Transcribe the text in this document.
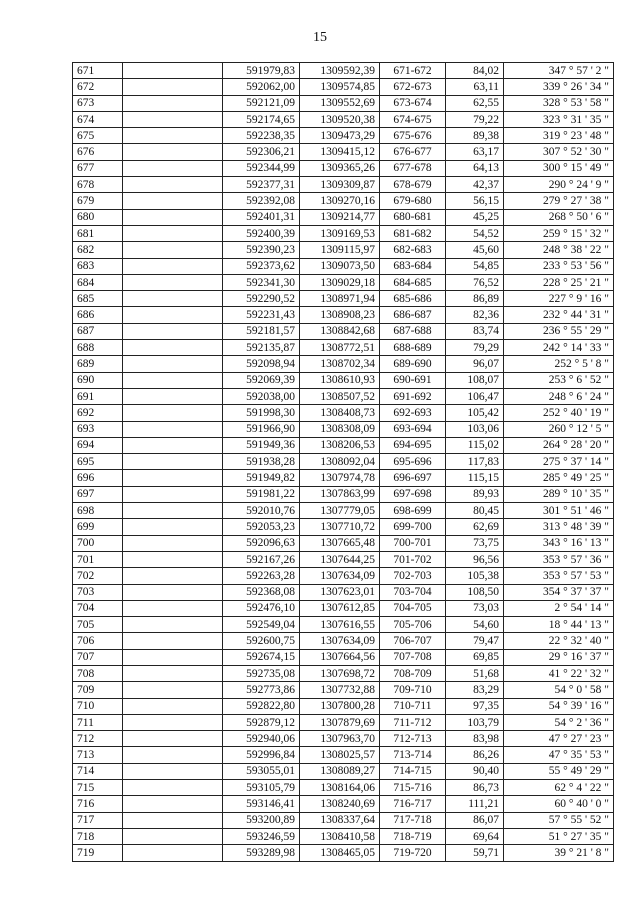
15
671		591979,83	1309592,39	671-672	84,02	347 ° 57 ' 2 "
672		592062,00	1309574,85	672-673	63,11	339 ° 26 ' 34 "
673		592121,09	1309552,69	673-674	62,55	328 ° 53 ' 58 "
674		592174,65	1309520,38	674-675	79,22	323 ° 31 ' 35 "
675		592238,35	1309473,29	675-676	89,38	319 ° 23 ' 48 "
676		592306,21	1309415,12	676-677	63,17	307 ° 52 ' 30 "
677		592344,99	1309365,26	677-678	64,13	300 ° 15 ' 49 "
678		592377,31	1309309,87	678-679	42,37	290 ° 24 ' 9 "
679		592392,08	1309270,16	679-680	56,15	279 ° 27 ' 38 "
680		592401,31	1309214,77	680-681	45,25	268 ° 50 ' 6 "
681		592400,39	1309169,53	681-682	54,52	259 ° 15 ' 32 "
682		592390,23	1309115,97	682-683	45,60	248 ° 38 ' 22 "
683		592373,62	1309073,50	683-684	54,85	233 ° 53 ' 56 "
684		592341,30	1309029,18	684-685	76,52	228 ° 25 ' 21 "
685		592290,52	1308971,94	685-686	86,89	227 ° 9 ' 16 "
686		592231,43	1308908,23	686-687	82,36	232 ° 44 ' 31 "
687		592181,57	1308842,68	687-688	83,74	236 ° 55 ' 29 "
688		592135,87	1308772,51	688-689	79,29	242 ° 14 ' 33 "
689		592098,94	1308702,34	689-690	96,07	252 ° 5 ' 8 "
690		592069,39	1308610,93	690-691	108,07	253 ° 6 ' 52 "
691		592038,00	1308507,52	691-692	106,47	248 ° 6 ' 24 "
692		591998,30	1308408,73	692-693	105,42	252 ° 40 ' 19 "
693		591966,90	1308308,09	693-694	103,06	260 ° 12 ' 5 "
694		591949,36	1308206,53	694-695	115,02	264 ° 28 ' 20 "
695		591938,28	1308092,04	695-696	117,83	275 ° 37 ' 14 "
696		591949,82	1307974,78	696-697	115,15	285 ° 49 ' 25 "
697		591981,22	1307863,99	697-698	89,93	289 ° 10 ' 35 "
698		592010,76	1307779,05	698-699	80,45	301 ° 51 ' 46 "
699		592053,23	1307710,72	699-700	62,69	313 ° 48 ' 39 "
700		592096,63	1307665,48	700-701	73,75	343 ° 16 ' 13 "
701		592167,26	1307644,25	701-702	96,56	353 ° 57 ' 36 "
702		592263,28	1307634,09	702-703	105,38	353 ° 57 ' 53 "
703		592368,08	1307623,01	703-704	108,50	354 ° 37 ' 37 "
704		592476,10	1307612,85	704-705	73,03	2 ° 54 ' 14 "
705		592549,04	1307616,55	705-706	54,60	18 ° 44 ' 13 "
706		592600,75	1307634,09	706-707	79,47	22 ° 32 ' 40 "
707		592674,15	1307664,56	707-708	69,85	29 ° 16 ' 37 "
708		592735,08	1307698,72	708-709	51,68	41 ° 22 ' 32 "
709		592773,86	1307732,88	709-710	83,29	54 ° 0 ' 58 "
710		592822,80	1307800,28	710-711	97,35	54 ° 39 ' 16 "
711		592879,12	1307879,69	711-712	103,79	54 ° 2 ' 36 "
712		592940,06	1307963,70	712-713	83,98	47 ° 27 ' 23 "
713		592996,84	1308025,57	713-714	86,26	47 ° 35 ' 53 "
714		593055,01	1308089,27	714-715	90,40	55 ° 49 ' 29 "
715		593105,79	1308164,06	715-716	86,73	62 ° 4 ' 22 "
716		593146,41	1308240,69	716-717	111,21	60 ° 40 ' 0 "
717		593200,89	1308337,64	717-718	86,07	57 ° 55 ' 52 "
718		593246,59	1308410,58	718-719	69,64	51 ° 27 ' 35 "
719		593289,98	1308465,05	719-720	59,71	39 ° 21 ' 8 "
